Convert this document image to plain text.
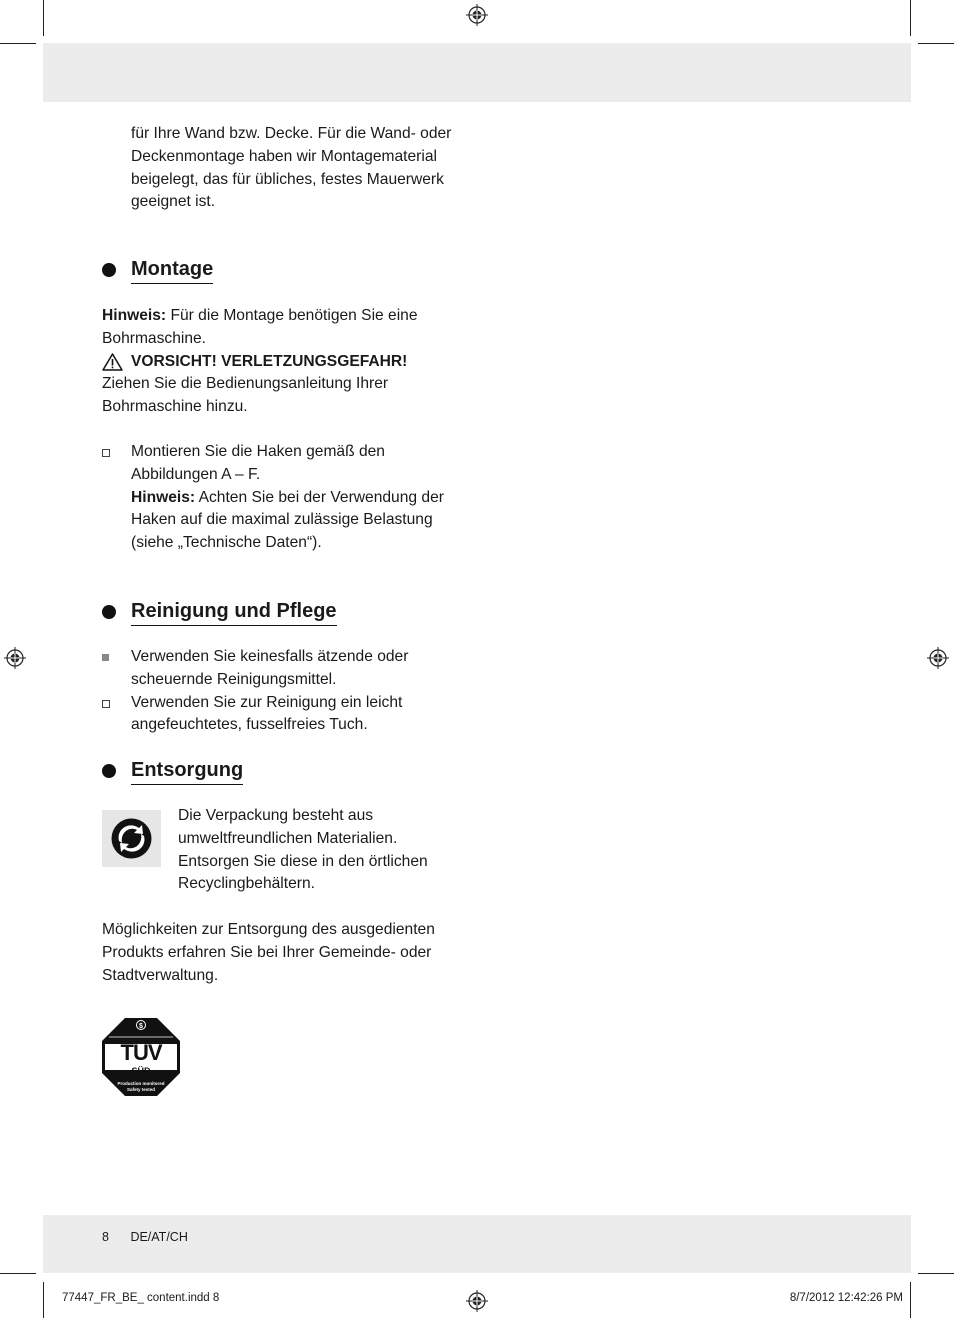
für Ihre Wand bzw. Decke. Für die Wand- oder Deckenmontage haben wir Montagematerial beigelegt, das für übliches, festes Mauerwerk geeignet ist.

Montage

Hinweis: Für die Montage benötigen Sie eine Bohrmaschine.

VORSICHT! VERLETZUNGSGEFAHR!

Ziehen Sie die Bedienungsanleitung Ihrer Bohrmaschine hinzu.

Montieren Sie die Haken gemäß den Abbildungen A – F.

Hinweis: Achten Sie bei der Verwendung der Haken auf die maximal zulässige Belastung (siehe „Technische Daten“).

Reinigung und Pflege

Verwenden Sie keinesfalls ätzende oder scheuernde Reinigungsmittel.

Verwenden Sie zur Reinigung ein leicht angefeuchtetes, fusselfreies Tuch.

Entsorgung

Die Verpackung besteht aus umweltfreundlichen Materialien. Entsorgen Sie diese in den örtlichen Recyclingbehältern.

Möglichkeiten zur Entsorgung des ausgedienten Produkts erfahren Sie bei Ihrer Gemeinde- oder Stadtverwaltung.

$
TÜV
SÜD
Production monitored
Safety tested
8 DE/AT/CH
77447_FR_BE_ content.indd 8	8/7/2012 12:42:26 PM
